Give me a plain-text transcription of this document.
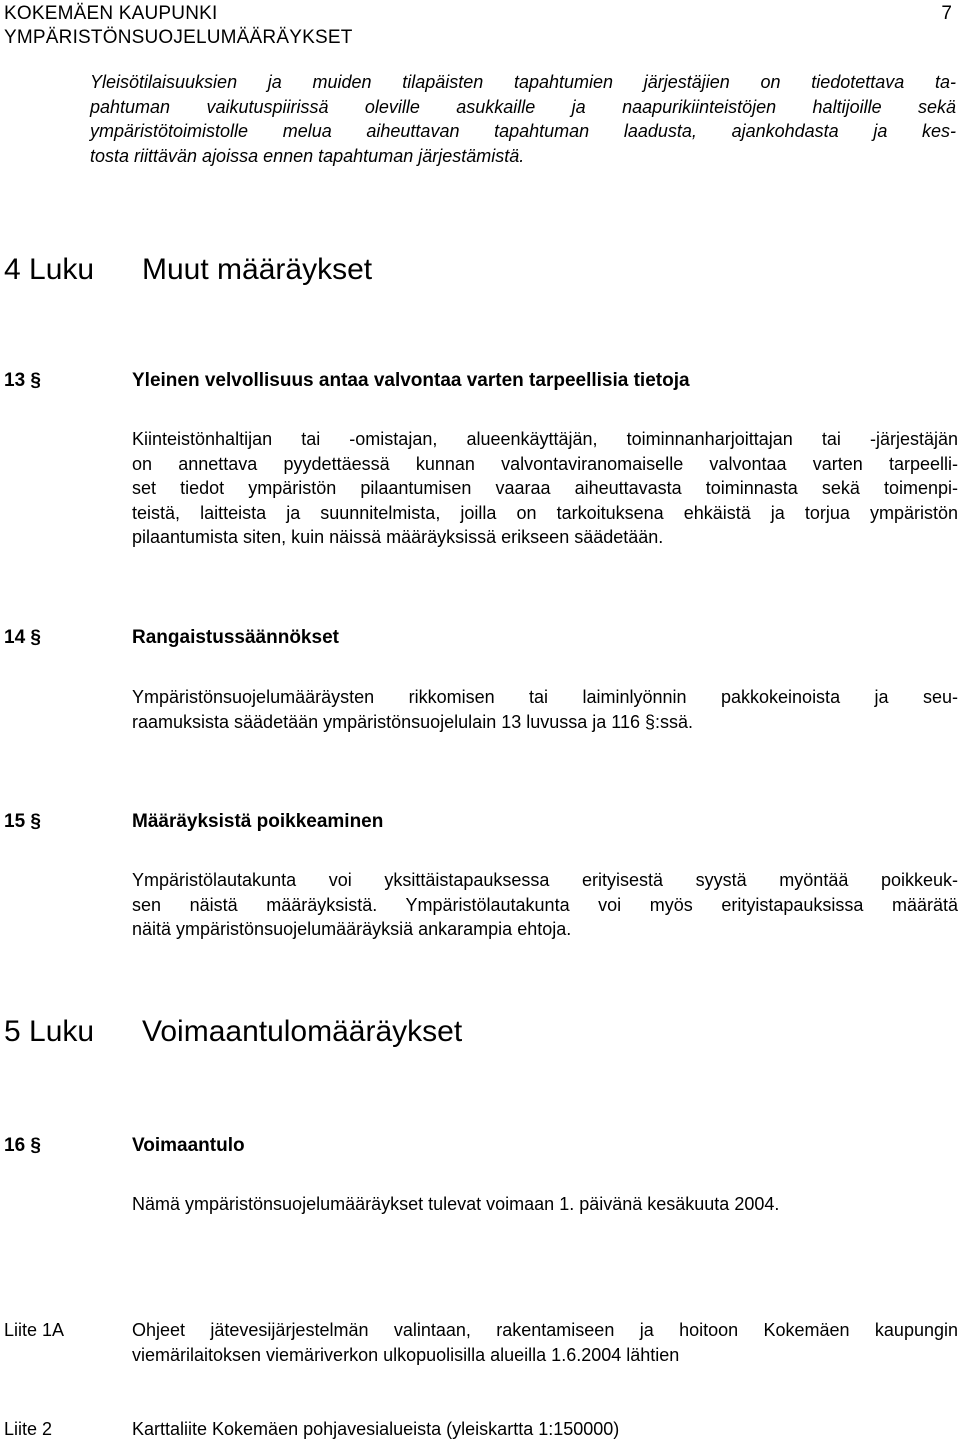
KOKEMÄEN KAUPUNKI
YMPÄRISTÖNSUOJELUMÄÄRÄYKSET
7
Yleisötilaisuuksien ja muiden tilapäisten tapahtumien järjestäjien on tiedotettava ta-
pahtuman vaikutuspiirissä oleville asukkaille ja naapurikiinteistöjen haltijoille sekä
ympäristötoimistolle melua aiheuttavan tapahtuman laadusta, ajankohdasta ja kes-
tosta riittävän ajoissa ennen tapahtuman järjestämistä.
4 Luku Muut määräykset
13 §	Yleinen velvollisuus antaa valvontaa varten tarpeellisia tietoja
Kiinteistönhaltijan tai -omistajan, alueenkäyttäjän, toiminnanharjoittajan tai -järjestäjän
on annettava pyydettäessä kunnan valvontaviranomaiselle valvontaa varten tarpeelli-
set tiedot ympäristön pilaantumisen vaaraa aiheuttavasta toiminnasta sekä toimenpi-
teistä, laitteista ja suunnitelmista, joilla on tarkoituksena ehkäistä ja torjua ympäristön
pilaantumista siten, kuin näissä määräyksissä erikseen säädetään.
14 §	Rangaistussäännökset
Ympäristönsuojelumääräysten rikkomisen tai laiminlyönnin pakkokeinoista ja seu-
raamuksista säädetään ympäristönsuojelulain 13 luvussa ja 116 §:ssä.
15 §	Määräyksistä poikkeaminen
Ympäristölautakunta voi yksittäistapauksessa erityisestä syystä myöntää poikkeuk-
sen näistä määräyksistä. Ympäristölautakunta voi myös erityistapauksissa määrätä
näitä ympäristönsuojelumääräyksiä ankarampia ehtoja.
5 Luku Voimaantulomääräykset
16 §	Voimaantulo
Nämä ympäristönsuojelumääräykset tulevat voimaan 1. päivänä kesäkuuta 2004.
Liite 1A	Ohjeet jätevesijärjestelmän valintaan, rakentamiseen ja hoitoon Kokemäen kaupungin
viemärilaitoksen viemäriverkon ulkopuolisilla alueilla 1.6.2004 lähtien
Liite 2	Karttaliite Kokemäen pohjavesialueista (yleiskartta 1:150000)
